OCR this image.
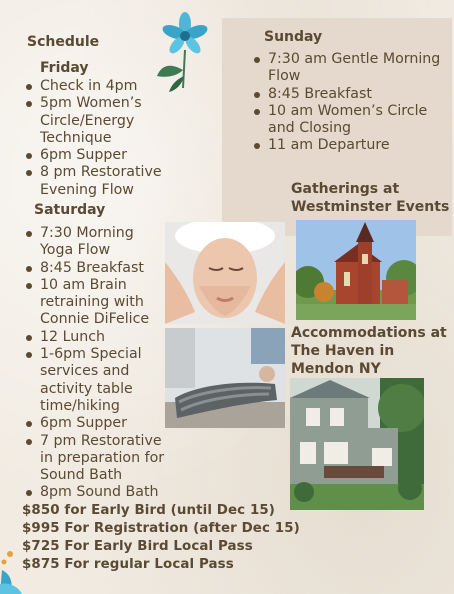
Schedule
Friday
Check in 4pm
5pm Women’s Circle/Energy Technique
6pm Supper
8 pm Restorative Evening Flow
Saturday
7:30 Morning Yoga Flow
8:45 Breakfast
10 am Brain retraining with Connie DiFelice
12 Lunch
1-6pm Special services and activity table time/hiking
6pm Supper
7 pm Restorative in preparation for Sound Bath
8pm Sound Bath
Sunday
7:30 am Gentle Morning Flow
8:45 Breakfast
10 am Women’s Circle and Closing
11 am Departure
Gatherings at Westminster Events
Accommodations at The Haven in Mendon NY
$850 for Early Bird (until Dec 15)
$995 For Registration (after Dec 15)
$725 For Early Bird Local Pass
$875 For regular Local Pass
